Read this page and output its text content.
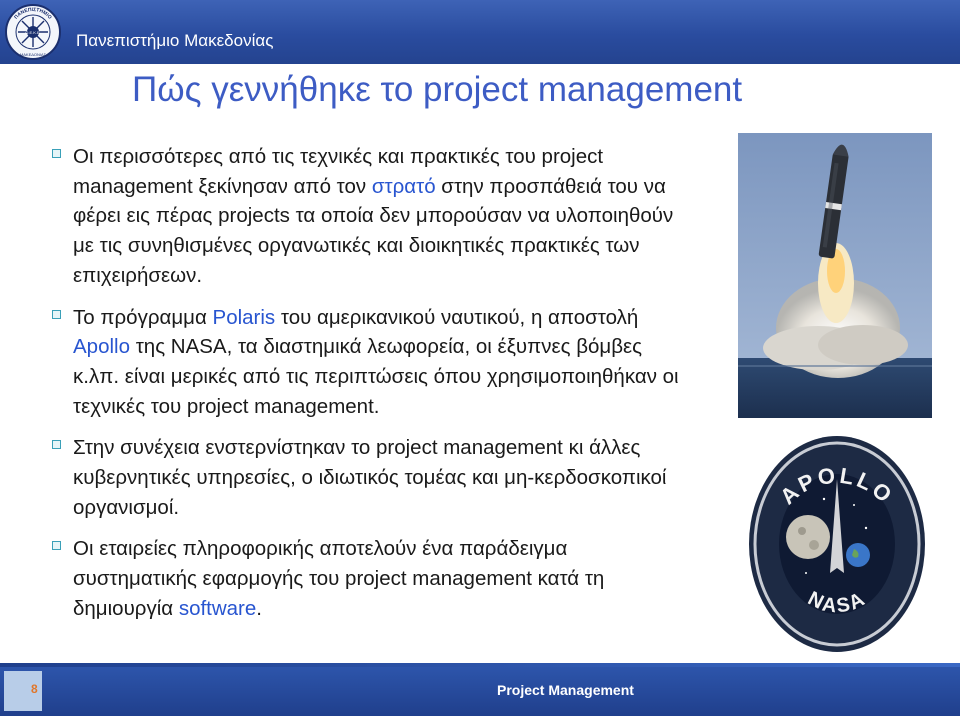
ΠΑΝΕΠΙΣΤΗΜΙΟ
Ο.Ε.Κ.Ε.
ΜΑΚΕΔΟΝΙΑΣ
Πανεπιστήμιο Μακεδονίας
Πώς γεννήθηκε το project management
Οι περισσότερες από τις τεχνικές και πρακτικές του project management ξεκίνησαν από τον στρατό στην προσπάθειά του να φέρει εις πέρας projects τα οποία δεν μπορούσαν να υλοποιηθούν με τις συνηθισμένες οργανωτικές και διοικητικές πρακτικές των επιχειρήσεων.
Το πρόγραμμα Polaris του αμερικανικού ναυτικού, η αποστολή Apollo της NASA, τα διαστημικά λεωφορεία, οι έξυπνες βόμβες κ.λπ. είναι μερικές από τις περιπτώσεις όπου χρησιμοποιηθήκαν οι τεχνικές του project management.
Στην συνέχεια ενστερνίστηκαν το project management κι άλλες κυβερνητικές υπηρεσίες, ο ιδιωτικός τομέας και μη-κερδοσκοπικοί οργανισμοί.
Οι εταιρείες πληροφορικής αποτελούν ένα παράδειγμα συστηματικής εφαρμογής του project management κατά τη δημιουργία software.
APOLLO
NASA
8	Project Management
